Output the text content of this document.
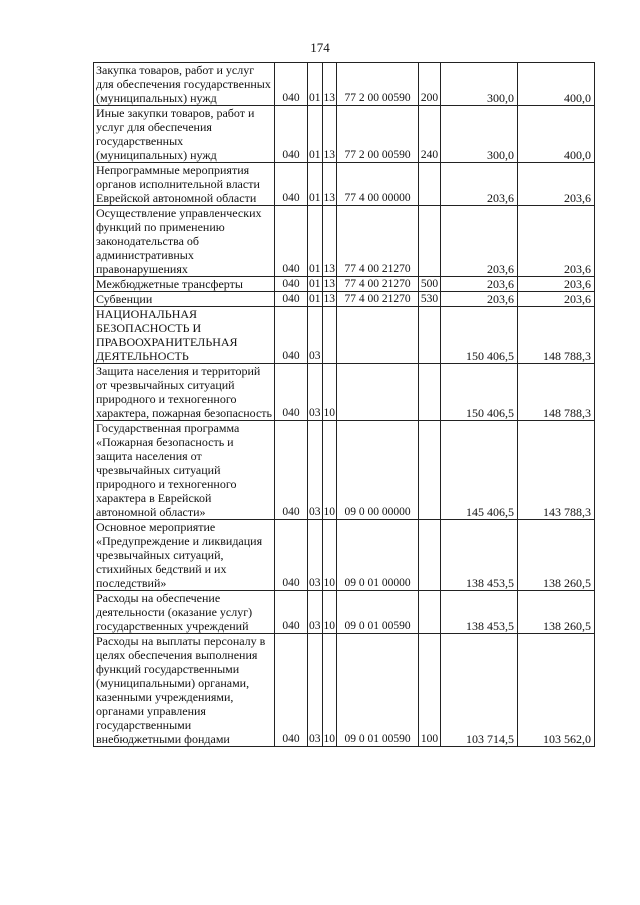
174
Закупка товаров, работ и услуг для обеспечения государственных (муниципальных) нужд	040	01	13	77 2 00 00590	200	300,0	400,0
Иные закупки товаров, работ и услуг для обеспечения государственных (муниципальных) нужд	040	01	13	77 2 00 00590	240	300,0	400,0
Непрограммные мероприятия органов исполнительной власти Еврейской автономной области	040	01	13	77 4 00 00000		203,6	203,6
Осуществление управленческих функций по применению законодательства об административных правонарушениях	040	01	13	77 4 00 21270		203,6	203,6
Межбюджетные трансферты	040	01	13	77 4 00 21270	500	203,6	203,6
Субвенции	040	01	13	77 4 00 21270	530	203,6	203,6
НАЦИОНАЛЬНАЯ БЕЗОПАСНОСТЬ И ПРАВООХРАНИТЕЛЬНАЯ ДЕЯТЕЛЬНОСТЬ	040	03				150 406,5	148 788,3
Защита населения и территорий от чрезвычайных ситуаций природного и техногенного характера, пожарная безопасность	040	03	10			150 406,5	148 788,3
Государственная программа «Пожарная безопасность и защита населения от чрезвычайных ситуаций природного и техногенного характера в Еврейской автономной области»	040	03	10	09 0 00 00000		145 406,5	143 788,3
Основное мероприятие «Предупреждение и ликвидация чрезвычайных ситуаций, стихийных бедствий и их последствий»	040	03	10	09 0 01 00000		138 453,5	138 260,5
Расходы на обеспечение деятельности (оказание услуг) государственных учреждений	040	03	10	09 0 01 00590		138 453,5	138 260,5
Расходы на выплаты персоналу в целях обеспечения выполнения функций государственными (муниципальными) органами, казенными учреждениями, органами управления государственными внебюджетными фондами	040	03	10	09 0 01 00590	100	103 714,5	103 562,0
